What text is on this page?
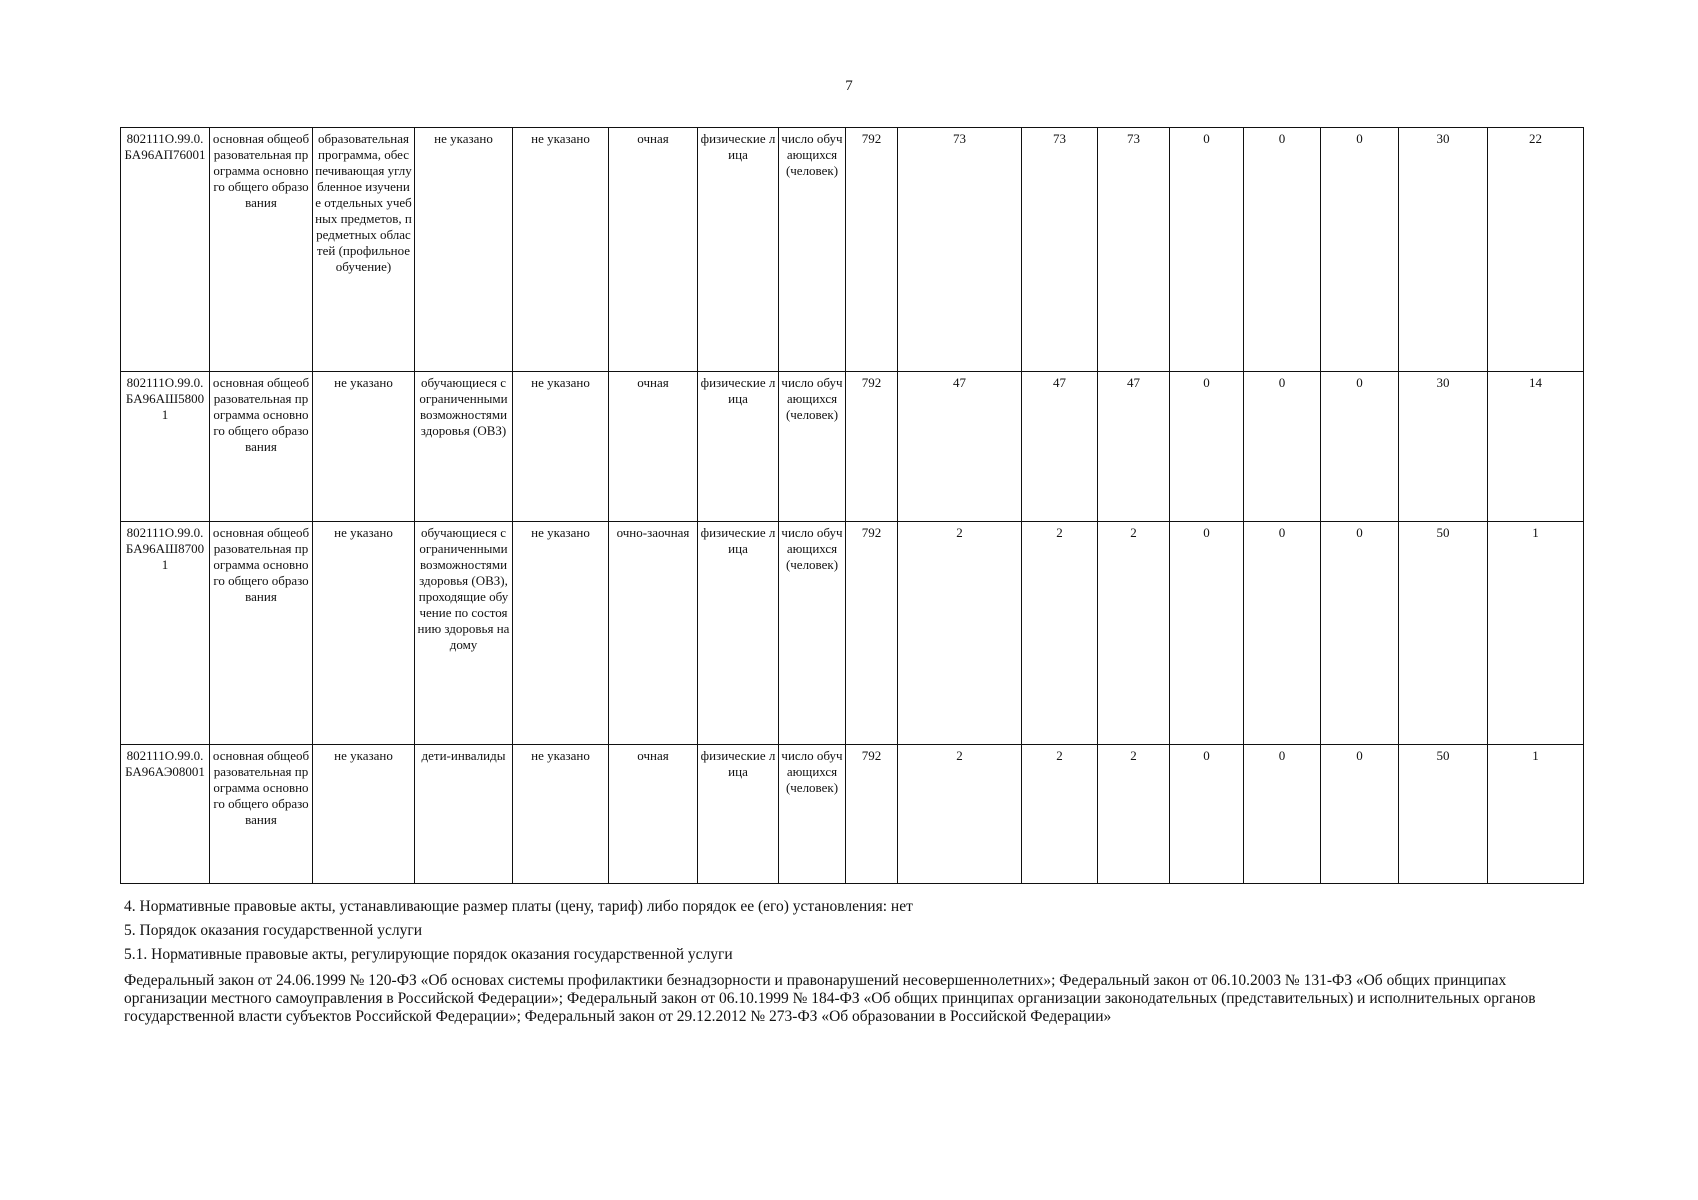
7
802111О.99.0.БА96АП76001	основная общеобразовательная программа основного общего образования	образовательная программа, обеспечивающая углубленное изучение отдельных учебных предметов, предметных областей (профильное обучение)	не указано	не указано	очная	физические лица	число обучающихся (человек)	792	73	73	73	0	0	0	30	22
802111О.99.0.БА96АШ58001	основная общеобразовательная программа основного общего образования	не указано	обучающиеся с ограниченными возможностями здоровья (ОВЗ)	не указано	очная	физические лица	число обучающихся (человек)	792	47	47	47	0	0	0	30	14
802111О.99.0.БА96АШ87001	основная общеобразовательная программа основного общего образования	не указано	обучающиеся с ограниченными возможностями здоровья (ОВЗ), проходящие обучение по состоянию здоровья на дому	не указано	очно-заочная	физические лица	число обучающихся (человек)	792	2	2	2	0	0	0	50	1
802111О.99.0.БА96АЭ08001	основная общеобразовательная программа основного общего образования	не указано	дети-инвалиды	не указано	очная	физические лица	число обучающихся (человек)	792	2	2	2	0	0	0	50	1

4. Нормативные правовые акты, устанавливающие размер платы (цену, тариф) либо порядок ее (его) установления: нет

5. Порядок оказания государственной услуги

5.1. Нормативные правовые акты, регулирующие порядок оказания государственной услуги

Федеральный закон от 24.06.1999 № 120-ФЗ «Об основах системы профилактики безнадзорности и правонарушений несовершеннолетних»; Федеральный закон от 06.10.2003 № 131-ФЗ «Об общих принципах организации местного самоуправления в Российской Федерации»; Федеральный закон от 06.10.1999 № 184-ФЗ «Об общих принципах организации законодательных (представительных) и исполнительных органов государственной власти субъектов Российской Федерации»; Федеральный закон от 29.12.2012 № 273-ФЗ «Об образовании в Российской Федерации»
